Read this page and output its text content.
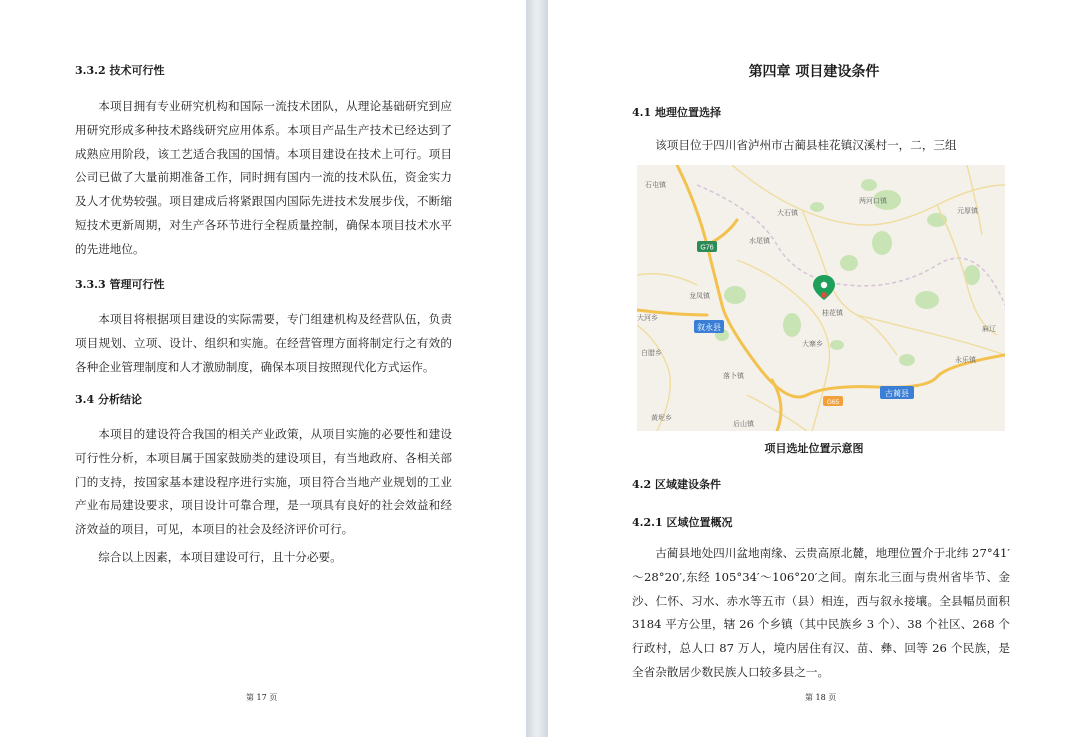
3.3.2 技术可行性

本项目拥有专业研究机构和国际一流技术团队，从理论基础研究到应用研究形成多种技术路线研究应用体系。本项目产品生产技术已经达到了成熟应用阶段，该工艺适合我国的国情。本项目建设在技术上可行。项目公司已做了大量前期准备工作，同时拥有国内一流的技术队伍，资金实力及人才优势较强。项目建成后将紧跟国内国际先进技术发展步伐，不断缩短技术更新周期，对生产各环节进行全程质量控制，确保本项目技术水平的先进地位。

3.3.3 管理可行性

本项目将根据项目建设的实际需要，专门组建机构及经营队伍，负责项目规划、立项、设计、组织和实施。在经营管理方面将制定行之有效的各种企业管理制度和人才激励制度，确保本项目按照现代化方式运作。

3.4 分析结论

本项目的建设符合我国的相关产业政策，从项目实施的必要性和建设可行性分析，本项目属于国家鼓励类的建设项目，有当地政府、各相关部门的支持，按国家基本建设程序进行实施，项目符合当地产业规划的工业产业布局建设要求，项目设计可靠合理，是一项具有良好的社会效益和经济效益的项目，可见，本项目的社会及经济评价可行。

综合以上因素，本项目建设可行，且十分必要。

第 17 页
第四章 项目建设条件
4.1 地理位置选择

该项目位于四川省泸州市古蔺县桂花镇汉溪村一，二，三组

G76
G65
叙永县
古蔺县
石屯镇
两河口镇
大石镇	元厚镇
水尾镇
龙凤镇
大河乡
桂花镇
大寨乡
麻辽
白腊乡
永乐镇
落卜镇
黄坭乡
后山镇
项目选址位置示意图
4.2 区域建设条件
4.2.1 区域位置概况

古蔺县地处四川盆地南缘、云贵高原北麓，地理位置介于北纬 27°41′～28°20′,东经 105°34′～106°20′之间。南东北三面与贵州省毕节、金沙、仁怀、习水、赤水等五市（县）相连，西与叙永接壤。全县幅员面积 3184 平方公里，辖 26 个乡镇（其中民族乡 3 个）、38 个社区、268 个行政村，总人口 87 万人，境内居住有汉、苗、彝、回等 26 个民族，是全省杂散居少数民族人口较多县之一。

第 18 页
